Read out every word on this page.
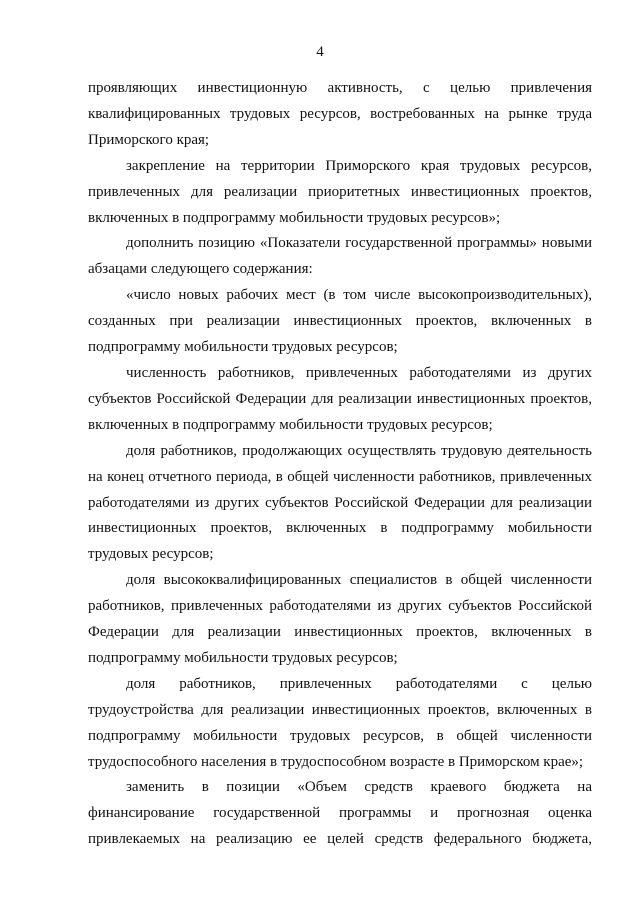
4

проявляющих инвестиционную активность, с целью привлечения квалифицированных трудовых ресурсов, востребованных на рынке труда Приморского края;

закрепление на территории Приморского края трудовых ресурсов, привлеченных для реализации приоритетных инвестиционных проектов, включенных в подпрограмму мобильности трудовых ресурсов»;

дополнить позицию «Показатели государственной программы» новыми абзацами следующего содержания:

«число новых рабочих мест (в том числе высокопроизводительных), созданных при реализации инвестиционных проектов, включенных в подпрограмму мобильности трудовых ресурсов;

численность работников, привлеченных работодателями из других субъектов Российской Федерации для реализации инвестиционных проектов, включенных в подпрограмму мобильности трудовых ресурсов;

доля работников, продолжающих осуществлять трудовую деятельность на конец отчетного периода, в общей численности работников, привлеченных работодателями из других субъектов Российской Федерации для реализации инвестиционных проектов, включенных в подпрограмму мобильности трудовых ресурсов;

доля высококвалифицированных специалистов в общей численности работников, привлеченных работодателями из других субъектов Российской Федерации для реализации инвестиционных проектов, включенных в подпрограмму мобильности трудовых ресурсов;

доля работников, привлеченных работодателями с целью трудоустройства для реализации инвестиционных проектов, включенных в подпрограмму мобильности трудовых ресурсов, в общей численности трудоспособного населения в трудоспособном возрасте в Приморском крае»;

заменить в позиции «Объем средств краевого бюджета на финансирование государственной программы и прогнозная оценка привлекаемых на реализацию ее целей средств федерального бюджета,
